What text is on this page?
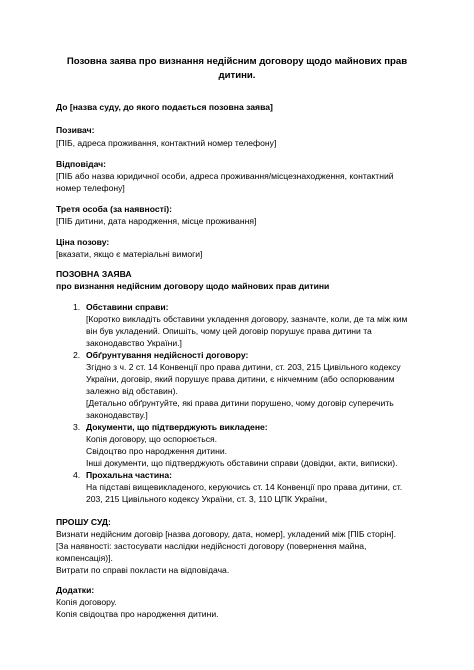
Позовна заява про визнання недійсним договору щодо майнових прав
дитини.
До [назва суду, до якого подається позовна заява]
Позивач:
[ПІБ, адреса проживання, контактний номер телефону]
Відповідач:
[ПІБ або назва юридичної особи, адреса проживання/місцезнаходження, контактний
номер телефону]
Третя особа (за наявності):
[ПІБ дитини, дата народження, місце проживання]
Ціна позову:
[вказати, якщо є матеріальні вимоги]
ПОЗОВНА ЗАЯВА
про визнання недійсним договору щодо майнових прав дитини
1. Обставини справи:
[Коротко викладіть обставини укладення договору, зазначте, коли, де та між ким
він був укладений. Опишіть, чому цей договір порушує права дитини та
законодавство України.]
2. Обґрунтування недійсності договору:
Згідно з ч. 2 ст. 14 Конвенції про права дитини, ст. 203, 215 Цивільного кодексу
України, договір, який порушує права дитини, є нікчемним (або оспорюваним
залежно від обставин).
[Детально обґрунтуйте, які права дитини порушено, чому договір суперечить
законодавству.]
3. Документи, що підтверджують викладене:
Копія договору, що оспорюється.
Свідоцтво про народження дитини.
Інші документи, що підтверджують обставини справи (довідки, акти, виписки).
4. Прохальна частина:
На підставі вищевикладеного, керуючись ст. 14 Конвенції про права дитини, ст.
203, 215 Цивільного кодексу України, ст. 3, 110 ЦПК України,
ПРОШУ СУД:
Визнати недійсним договір [назва договору, дата, номер], укладений між [ПІБ сторін].
[За наявності: застосувати наслідки недійсності договору (повернення майна,
компенсація)].
Витрати по справі покласти на відповідача.
Додатки:
Копія договору.
Копія свідоцтва про народження дитини.
